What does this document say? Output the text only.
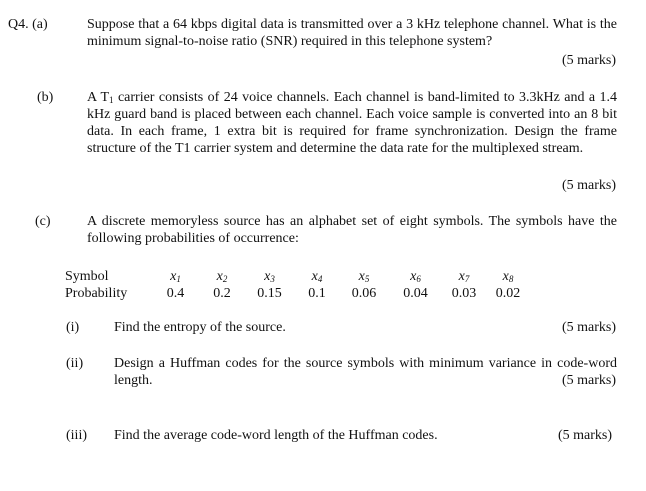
Q4. (a)	Suppose that a 64 kbps digital data is transmitted over a 3 kHz telephone channel. What is the minimum signal-to-noise ratio (SNR) required in this telephone system?
(5 marks)
(b) A $T_1$ carrier consists of 24 voice channels. Each channel is band-limited to 3.3kHz and a 1.4 kHz guard band is placed between each channel. Each voice sample is converted into an 8 bit data. In each frame, 1 extra bit is required for frame synchronization. Design the frame structure of the T1 carrier system and determine the data rate for the multiplexed stream.
(5 marks)
(c)	A discrete memoryless source has an alphabet set of eight symbols. The symbols have the following probabilities of occurrence:
Symbol	$x_1$	$x_2$	$x_3$	$x_4$	$x_5$	$x_6$	$x_7$	$x_8$
Probability	0.4	0.2	0.15	0.1	0.06	0.04	0.03	0.02
(i) Find the entropy of the source.	(5 marks)
(ii) Design a Huffman codes for the source symbols with minimum variance in code-word length.	(5 marks)
(iii) Find the average code-word length of the Huffman codes.	(5 marks)
